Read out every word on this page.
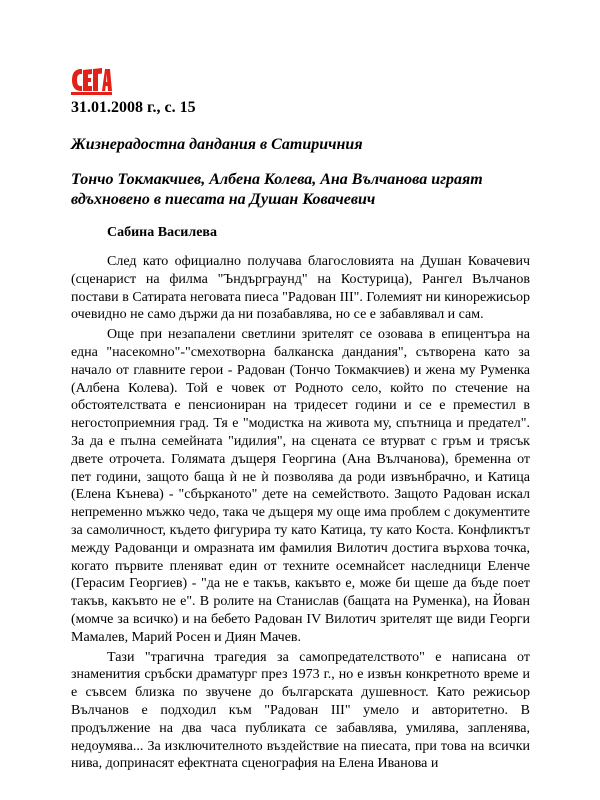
31.01.2008 г., с. 15
Жизнерадостна дандания в Сатиричния
Тончо Токмакчиев, Албена Колева, Ана Вълчанова играят вдъхновено в пиесата на Душан Ковачевич

Сабина Василева

След като официално получава благословията на Душан Ковачевич (сценарист на филма "Ъндърграунд" на Костурица), Рангел Вълчанов постави в Сатирата неговата пиеса "Радован III". Големият ни кинорежисьор очевидно не само държи да ни позабавлява, но се е забавлявал и сам.

Още при незапалени светлини зрителят се озовава в епицентъра на една "насекомно"-"смехотворна балканска дандания", сътворена като за начало от главните герои - Радован (Тончо Токмакчиев) и жена му Руменка (Албена Колева). Той е човек от Родното село, който по стечение на обстоятелствата е пенсиониран на тридесет години и се е преместил в негостоприемния град. Тя е "модистка на живота му, спътница и предател". За да е пълна семейната "идилия", на сцената се втурват с гръм и трясък двете отрочета. Голямата дъщеря Георгина (Ана Вълчанова), бременна от пет години, защото баща ѝ не ѝ позволява да роди извънбрачно, и Катица (Елена Кънева) - "сбърканото" дете на семейството. Защото Радован искал непременно мъжко чедо, така че дъщеря му още има проблем с документите за самоличност, където фигурира ту като Катица, ту като Коста. Конфликтът между Радованци и омразната им фамилия Вилотич достига върхова точка, когато първите пленяват един от техните осемнайсет наследници Еленче (Герасим Георгиев) - "да не е такъв, какъвто е, може би щеше да бъде поет такъв, какъвто не е". В ролите на Станислав (бащата на Руменка), на Йован (момче за всичко) и на бебето Радован IV Вилотич зрителят ще види Георги Мамалев, Марий Росен и Диян Мачев.

Тази "трагична трагедия за самопредателството" е написана от знаменития сръбски драматург през 1973 г., но е извън конкретното време и е съвсем близка по звучене до българската душевност. Като режисьор Вълчанов е подходил към "Радован III" умело и авторитетно. В продължение на два часа публиката се забавлява, умилява, запленява, недоумява... За изключителното въздействие на пиесата, при това на всички нива, допринасят ефектната сценография на Елена Иванова и
